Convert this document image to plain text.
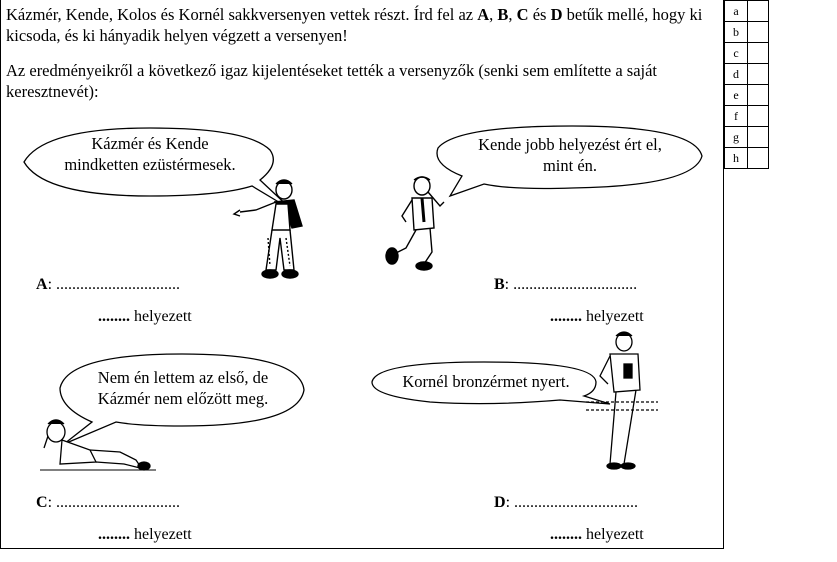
Kázmér, Kende, Kolos és Kornél sakkversenyen vettek részt. Írd fel az A, B, C és D betűk mellé, hogy ki kicsoda, és ki hányadik helyen végzett a versenyen!

Az eredményeikről a következő igaz kijelentéseket tették a versenyzők (senki sem említette a saját keresztnevét):

Kázmér és Kende
mindketten ezüstérmesek.
Kende jobb helyezést ért el,
mint én.
Nem én lettem az első, de
Kázmér nem előzött meg.
Kornél bronzérmet nyert.
A: ...............................
........ helyezett
B: ...............................
........ helyezett
C: ...............................
........ helyezett
D: ...............................
........ helyezett
a	
b	
c	
d	
e	
f	
g	
h	
